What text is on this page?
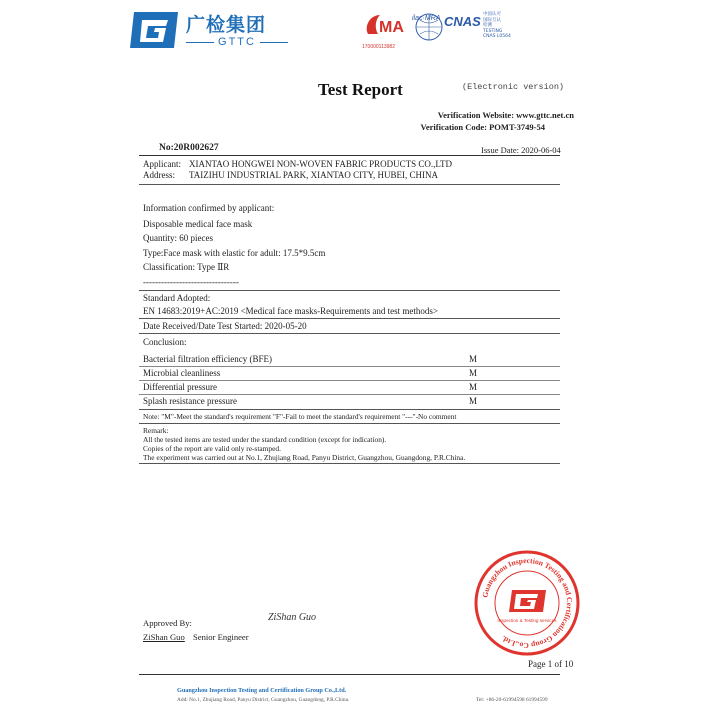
广检集团
GTTC
MA
170000113982
ilac·MRA CNAS 中国认可
国际互认
检测
TESTING
CNAS L0564
Test Report	(Electronic version)
Verification Website: www.gttc.net.cn
Verification Code: POMT-3749-54
No:20R002627	Issue Date: 2020-06-04
Applicant: XIANTAO HONGWEI NON-WOVEN FABRIC PRODUCTS CO.,LTD
Address: TAIZIHU INDUSTRIAL PARK, XIANTAO CITY, HUBEI, CHINA
Information confirmed by applicant:
Disposable medical face mask
Quantity: 60 pieces
Type:Face mask with elastic for adult: 17.5*9.5cm
Classification: Type ⅡR
--------------------------------
Standard Adopted:
EN 14683:2019+AC:2019 <Medical face masks-Requirements and test methods>
Date Received/Date Test Started: 2020-05-20
Conclusion:
Bacterial filtration efficiency (BFE)	M
Microbial cleanliness	M
Differential pressure	M
Splash resistance pressure	M
Note: "M"-Meet the standard's requirement "F"-Fail to meet the standard's requirement "---"-No comment
Remark:
All the tested items are tested under the standard condition (except for indication).
Copies of the report are valid only re-stamped.
The experiment was carried out at No.1, Zhujiang Road, Panyu District, Guangzhou, Guangdong, P.R.China.
Guangzhou Inspection Testing and Certification Group Co.,Ltd.
Inspection & Testing services
Approved By:	ZiShan Guo
ZiShan Guo Senior Engineer
Page 1 of 10
Guangzhou Inspection Testing and Certification Group Co.,Ltd.
Add: No.1, Zhujiang Road, Panyu District, Guangzhou, Guangdong, P.R.China.	Tel: +86-20-61994598 61994599
